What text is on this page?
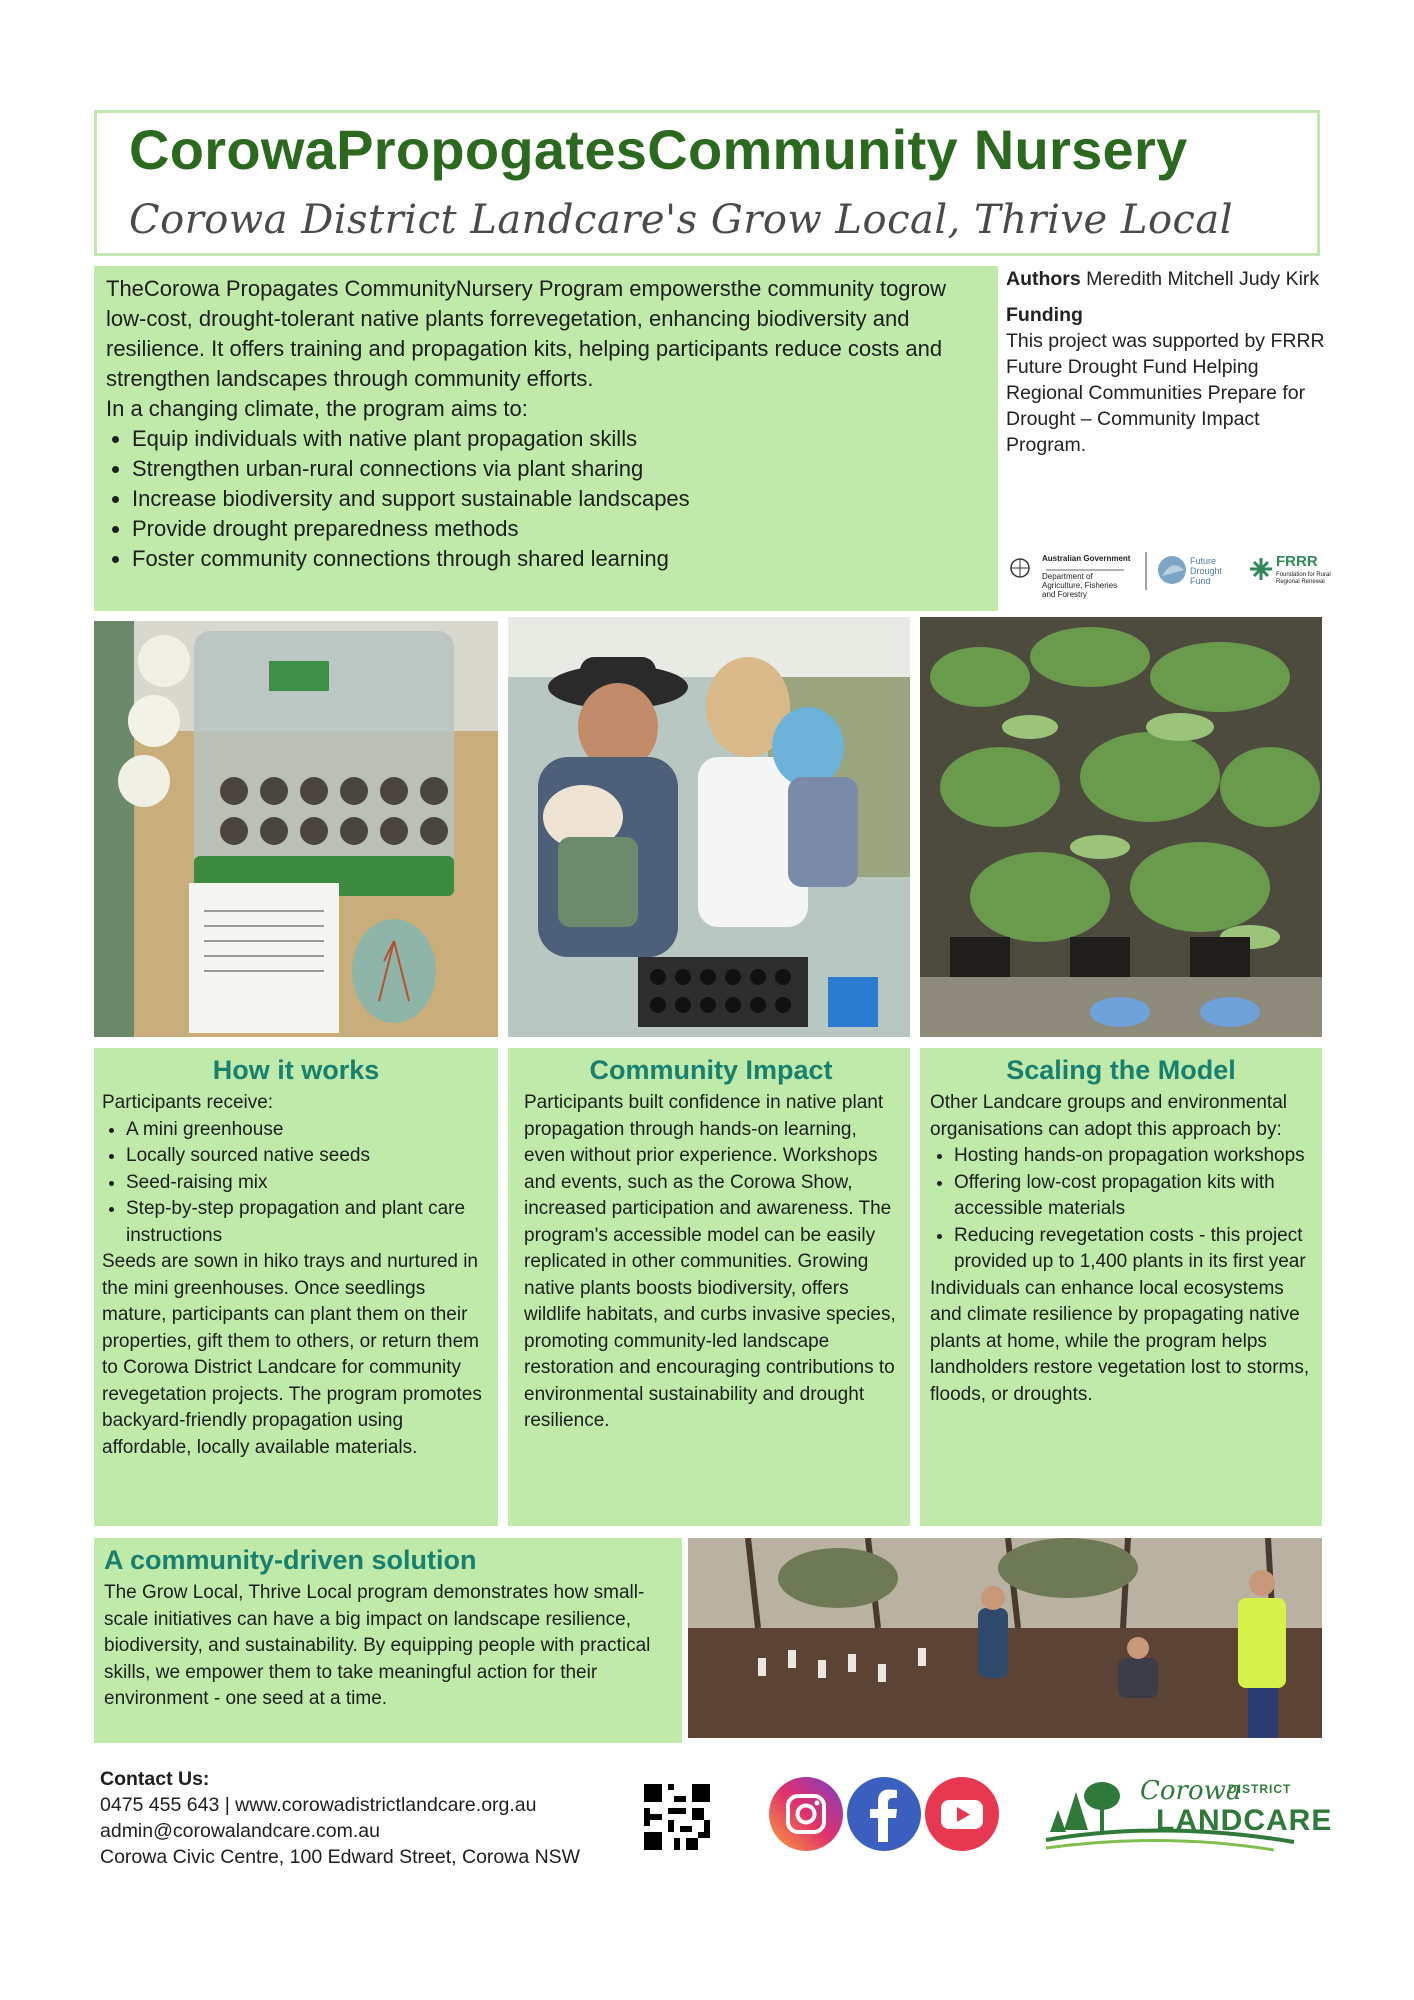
CorowaPropogatesCommunity Nursery
Corowa District Landcare's Grow Local, Thrive Local

TheCorowa Propagates CommunityNursery Program empowersthe community togrow low-cost, drought-tolerant native plants forrevegetation, enhancing biodiversity and resilience. It offers training and propagation kits, helping participants reduce costs and strengthen landscapes through community efforts.

In a changing climate, the program aims to:

• Equip individuals with native plant propagation skills
• Strengthen urban-rural connections via plant sharing
• Increase biodiversity and support sustainable landscapes
• Provide drought preparedness methods
• Foster community connections through shared learning

Authors Meredith Mitchell Judy Kirk

Funding

This project was supported by FRRR Future Drought Fund Helping Regional Communities Prepare for Drought – Community Impact Program.

Australian Government
Department of Agriculture, Fisheries and Forestry
Future Drought Fund
FRRR
Foundation for Rural Regional Renewal
How it works

Participants receive:

• A mini greenhouse
• Locally sourced native seeds
• Seed-raising mix
• Step-by-step propagation and plant care instructions

Seeds are sown in hiko trays and nurtured in the mini greenhouses. Once seedlings mature, participants can plant them on their properties, gift them to others, or return them to Corowa District Landcare for community revegetation projects. The program promotes backyard-friendly propagation using affordable, locally available materials.

Community Impact

Participants built confidence in native plant propagation through hands-on learning, even without prior experience. Workshops and events, such as the Corowa Show, increased participation and awareness. The program's accessible model can be easily replicated in other communities. Growing native plants boosts biodiversity, offers wildlife habitats, and curbs invasive species, promoting community-led landscape restoration and encouraging contributions to environmental sustainability and drought resilience.

Scaling the Model

Other Landcare groups and environmental organisations can adopt this approach by:

• Hosting hands-on propagation workshops
• Offering low-cost propagation kits with accessible materials
• Reducing revegetation costs - this project provided up to 1,400 plants in its first year

Individuals can enhance local ecosystems and climate resilience by propagating native plants at home, while the program helps landholders restore vegetation lost to storms, floods, or droughts.

A community-driven solution

The Grow Local, Thrive Local program demonstrates how small-scale initiatives can have a big impact on landscape resilience, biodiversity, and sustainability. By equipping people with practical skills, we empower them to take meaningful action for their environment - one seed at a time.

Contact Us:

0475 455 643 | www.corowadistrictlandcare.org.au

admin@corowalandcare.com.au

Corowa Civic Centre, 100 Edward Street, Corowa NSW

Corowa
DISTRICT
LANDCARE
